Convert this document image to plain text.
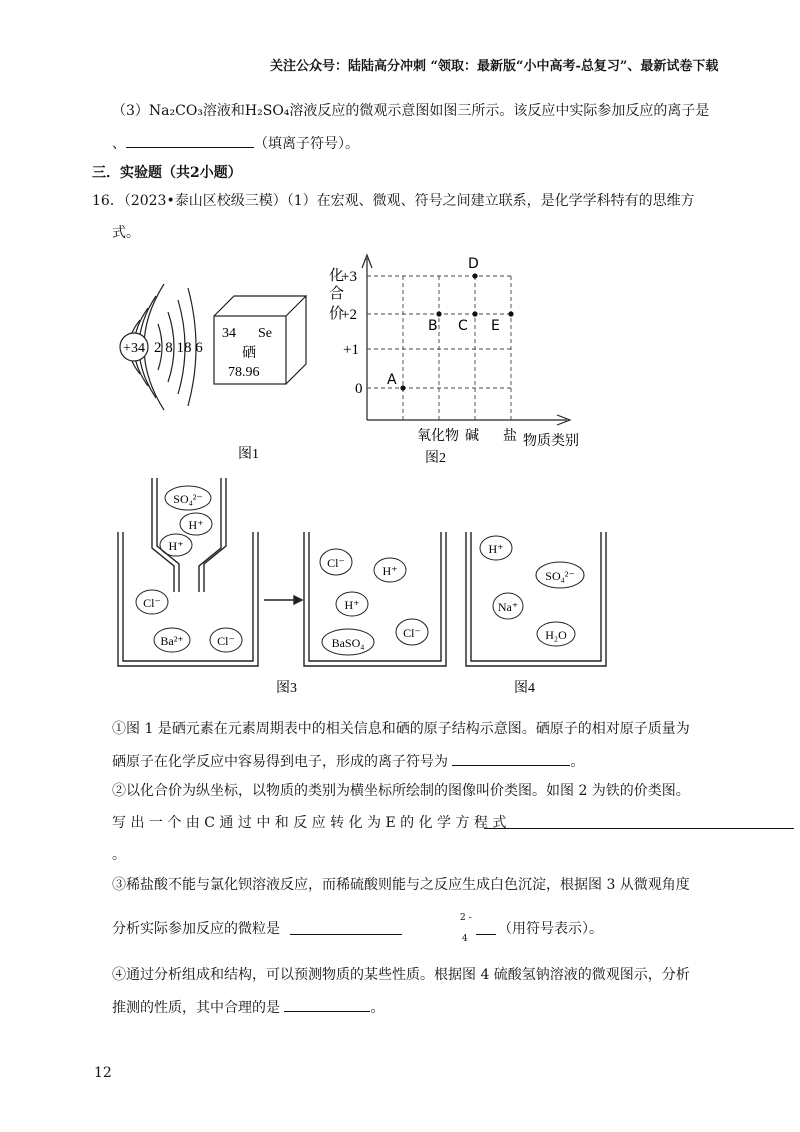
关注公众号：陆陆高分冲刺 “领取：最新版“小中高考-总复习”、最新试卷下载
（3）Na₂CO₃溶液和H₂SO₄溶液反应的微观示意图如图三所示。该反应中实际参加反应的离子是
、	（填离子符号）。
三．实验题（共2小题）
16．（2023•泰山区校级三模）（1）在宏观、微观、符号之间建立联系，是化学学科特有的思维方
式。
+34 2 8 18 6
34 Se
硒
78.96
图1
化
合
价
+3
+2
+1
0
A
B C
D
E
氧化物 碱 盐 物质类别
图2
SO₄²⁻
H⁺
H⁺
Cl⁻
Ba²⁺	Cl⁻
Cl⁻
H⁺
H⁺
BaSO₄
Cl⁻
图3
H⁺
SO₄²⁻
Na⁺
H₂O
图4
①图 1 是硒元素在元素周期表中的相关信息和硒的原子结构示意图。硒原子的相对原子质量为
硒原子在化学反应中容易得到电子，形成的离子符号为	。
②以化合价为纵坐标，以物质的类别为横坐标所绘制的图像叫价类图。如图 2 为铁的价类图。
写 出 一 个 由 C 通 过 中 和 反 应 转 化 为 E 的 化 学 方 程 式
。
③稀盐酸不能与氯化钡溶液反应，而稀硫酸则能与之反应生成白色沉淀，根据图 3 从微观角度
分析实际参加反应的微粒是
2 -
4
（用符号表示）。
④通过分析组成和结构，可以预测物质的某些性质。根据图 4 硫酸氢钠溶液的微观图示，分析
推测的性质，其中合理的是	。
12
